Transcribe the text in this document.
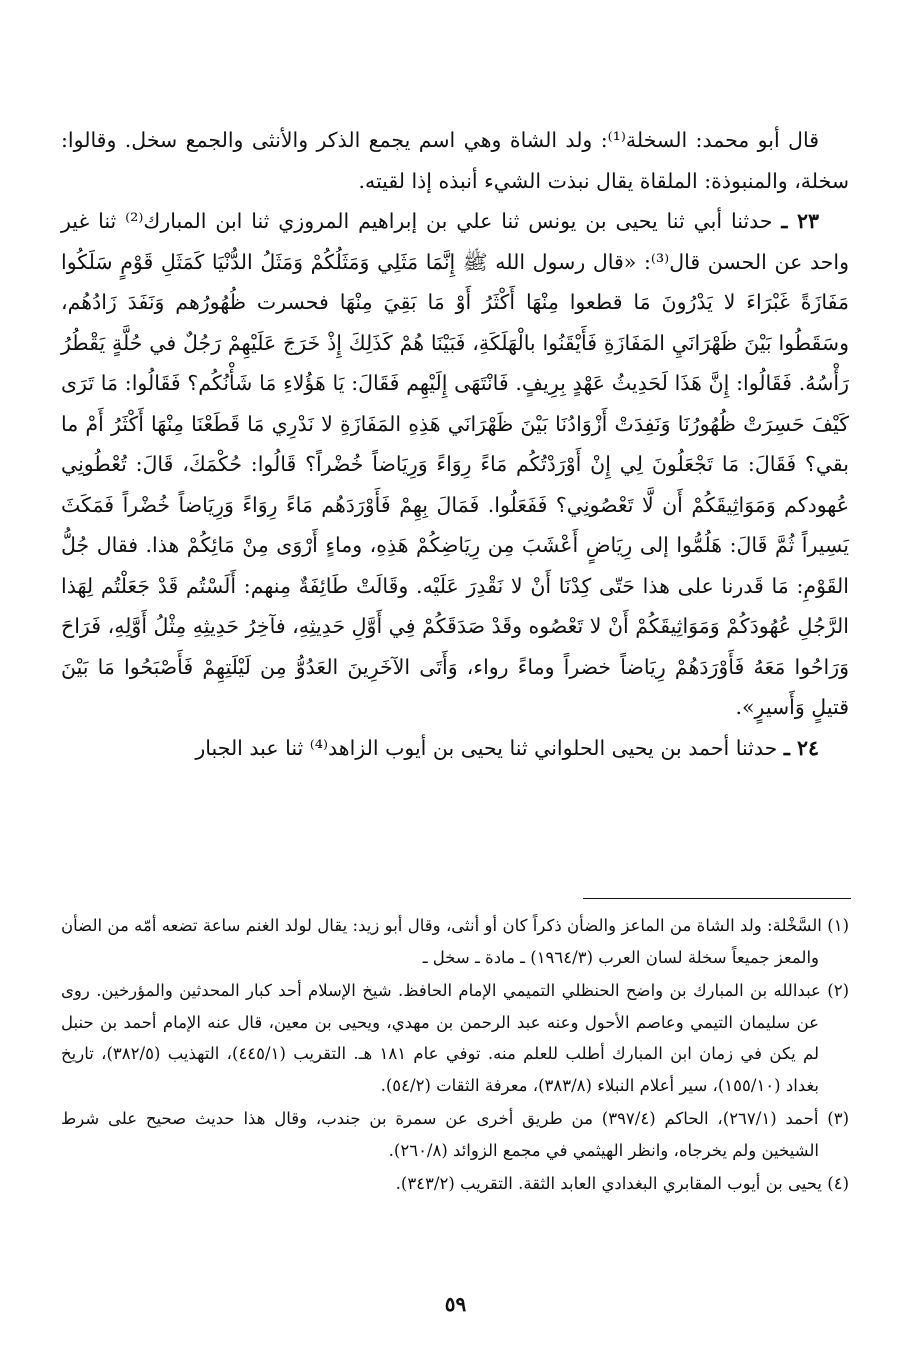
قال أبو محمد: السخلة⁽¹⁾: ولد الشاة وهي اسم يجمع الذكر والأنثى والجمع سخل. وقالوا: سخلة، والمنبوذة: الملقاة يقال نبذت الشيء أنبذه إذا لقيته.

٢٣ ـ حدثنا أبي ثنا يحيى بن يونس ثنا علي بن إبراهيم المروزي ثنا ابن المبارك⁽²⁾ ثنا غير واحد عن الحسن قال⁽³⁾: «قال رسول الله ﷺ إِنَّمَا مَثَلِي وَمَثَلُكُمْ وَمَثَلُ الدُّنْيَا كَمَثَلِ قَوْمٍ سَلَكُوا مَفَازَةً غَبْرَاءَ لا يَدْرُونَ مَا قطعوا مِنْهَا أَكْثَرُ أَوْ مَا بَقِيَ مِنْهَا فحسرت ظُهُورُهم وَنَفَدَ زَادُهُم، وسَقَطُوا بَيْنَ ظَهْرَانَيِ المَفَازَةِ فَأَيْقَنُوا بالْهَلَكَةِ، فَبَيْنَا هُمْ كَذَلِكَ إِذْ خَرَجَ عَلَيْهِمْ رَجُلٌ في حُلَّةٍ يَقْطُرُ رَأْسُهُ. فَقَالُوا: إِنَّ هَذَا لَحَدِيثُ عَهْدٍ بِرِيفٍ. فَانْتَهَى إِلَيْهِم فَقَالَ: يَا هَؤُلاءِ مَا شَأْنُكُم؟ فَقَالُوا: مَا تَرَى كَيْفَ حَسِرَتْ ظُهُورُنَا وَنَفِدَتْ أَزْوَادُنَا بَيْنَ ظَهْرَانَي هَذِهِ المَفَازَةِ لا نَدْرِي مَا قَطَعْنَا مِنْهَا أَكْثَرُ أَمْ ما بقي؟ فَقَالَ: مَا تَجْعَلُونَ لِي إِنْ أَوْرَدْتُكُم مَاءً رِوَاءً وَرِيَاضاً خُضْراً؟ قَالُوا: حُكْمَكَ، قَالَ: تُعْطُونِي عُهودكم وَمَوَاثِيقَكُمْ أَن لَّا تَعْصُونِي؟ فَفَعَلُوا. فَمَالَ بِهِمْ فَأَوْرَدَهُم مَاءً رِوَاءً وَرِيَاضاً خُضْراً فَمَكَثَ يَسِيراً ثُمَّ قَالَ: هَلُمُّوا إلى رِيَاضٍ أَعْشَبَ مِن رِيَاضِكُمْ هَذِهِ، وماءٍ أَرْوَى مِنْ مَائِكُمْ هذا. فقال جُلُّ القَوْمِ: مَا قَدرنا على هذا حَتّى كِدْنَا أَنْ لا نَقْدِرَ عَلَيْه. وقَالَتْ طَائِفَةٌ مِنهم: أَلَسْتُم قَدْ جَعَلْتُم لِهَذا الرَّجُلِ عُهُودَكُمْ وَمَوَاثِيقَكُمْ أَنْ لا تَعْصُوه وقَدْ صَدَقَكُمْ فِي أَوَّلِ حَدِيثِهِ، فآخِرُ حَدِيثِهِ مِثْلُ أَوَّلِهِ، فَرَاحَ وَرَاحُوا مَعَهُ فَأَوْرَدَهُمْ رِيَاضاً خضراً وماءً رواء، وَأَتَى الآخَرِينَ العَدُوُّ مِن لَيْلَتِهِمْ فَأَصْبَحُوا مَا بَيْنَ قتيلٍ وَأَسيرٍ».

٢٤ ـ حدثنا أحمد بن يحيى الحلواني ثنا يحيى بن أيوب الزاهد⁽⁴⁾ ثنا عبد الجبار

(١) السَّخْلة: ولد الشاة من الماعز والضأن ذكراً كان أو أنثى، وقال أبو زيد: يقال لولد الغنم ساعة تضعه أمّه من الضأن والمعز جميعاً سخلة لسان العرب (١٩٦٤/٣) ـ مادة ـ سخل ـ

(٢) عبدالله بن المبارك بن واضح الحنظلي التميمي الإمام الحافظ. شيخ الإسلام أحد كبار المحدثين والمؤرخين. روى عن سليمان التيمي وعاصم الأحول وعنه عبد الرحمن بن مهدي، ويحيى بن معين، قال عنه الإمام أحمد بن حنبل لم يكن في زمان ابن المبارك أطلب للعلم منه. توفي عام ١٨١ هـ. التقريب (٤٤٥/١)، التهذيب (٣٨٢/٥)، تاريخ بغداد (١٥٥/١٠)، سير أعلام النبلاء (٣٨٣/٨)، معرفة الثقات (٥٤/٢).

(٣) أحمد (٢٦٧/١)، الحاكم (٣٩٧/٤) من طريق أخرى عن سمرة بن جندب، وقال هذا حديث صحيح على شرط الشيخين ولم يخرجاه، وانظر الهيثمي في مجمع الزوائد (٢٦٠/٨).

(٤) يحيى بن أيوب المقابري البغدادي العابد الثقة. التقريب (٣٤٣/٢).

٥٩
